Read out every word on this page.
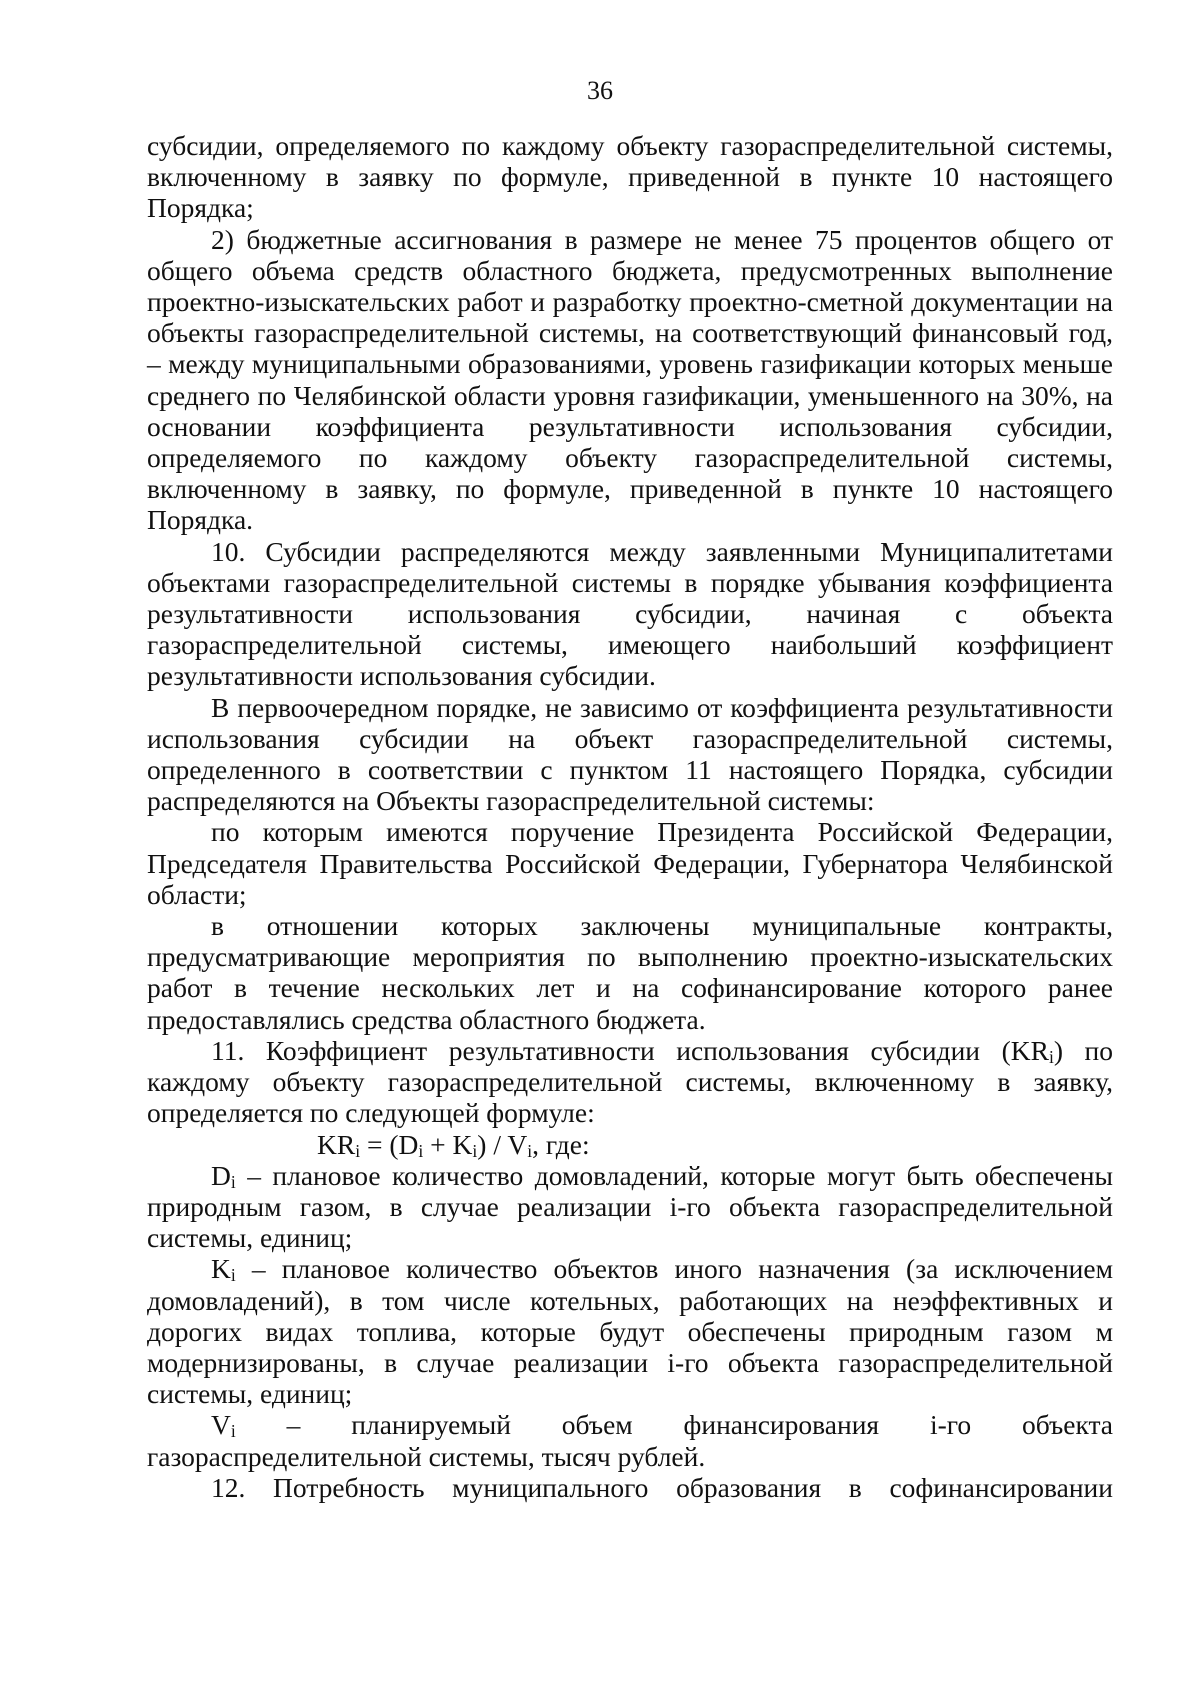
36

субсидии, определяемого по каждому объекту газораспределительной системы, включенному в заявку по формуле, приведенной в пункте 10 настоящего Порядка;

2) бюджетные ассигнования в размере не менее 75 процентов общего от общего объема средств областного бюджета, предусмотренных выполнение проектно-изыскательских работ и разработку проектно-сметной документации на объекты газораспределительной системы, на соответствующий финансовый год, – между муниципальными образованиями, уровень газификации которых меньше среднего по Челябинской области уровня газификации, уменьшенного на 30%, на основании коэффициента результативности использования субсидии, определяемого по каждому объекту газораспределительной системы, включенному в заявку, по формуле, приведенной в пункте 10 настоящего Порядка.

10. Субсидии распределяются между заявленными Муниципалитетами объектами газораспределительной системы в порядке убывания коэффициента результативности использования субсидии, начиная с объекта газораспределительной системы, имеющего наибольший коэффициент результативности использования субсидии.

В первоочередном порядке, не зависимо от коэффициента результативности использования субсидии на объект газораспределительной системы, определенного в соответствии с пунктом 11 настоящего Порядка, субсидии распределяются на Объекты газораспределительной системы:

по которым имеются поручение Президента Российской Федерации, Председателя Правительства Российской Федерации, Губернатора Челябинской области;

в отношении которых заключены муниципальные контракты, предусматривающие мероприятия по выполнению проектно-изыскательских работ в течение нескольких лет и на софинансирование которого ранее предоставлялись средства областного бюджета.

11. Коэффициент результативности использования субсидии $(KR_i)$ по каждому объекту газораспределительной системы, включенному в заявку, определяется по следующей формуле:

$KR_i = (D_i + K_i) / V_i$, где:

$D_i$ – плановое количество домовладений, которые могут быть обеспечены природным газом, в случае реализации i-го объекта газораспределительной системы, единиц;

$K_i$ – плановое количество объектов иного назначения (за исключением домовладений), в том числе котельных, работающих на неэффективных и дорогих видах топлива, которые будут обеспечены природным газом м модернизированы, в случае реализации i-го объекта газораспределительной системы, единиц;

$V_i$ – планируемый объем финансирования i-го объекта газораспределительной системы, тысяч рублей.

12. Потребность муниципального образования в софинансировании
